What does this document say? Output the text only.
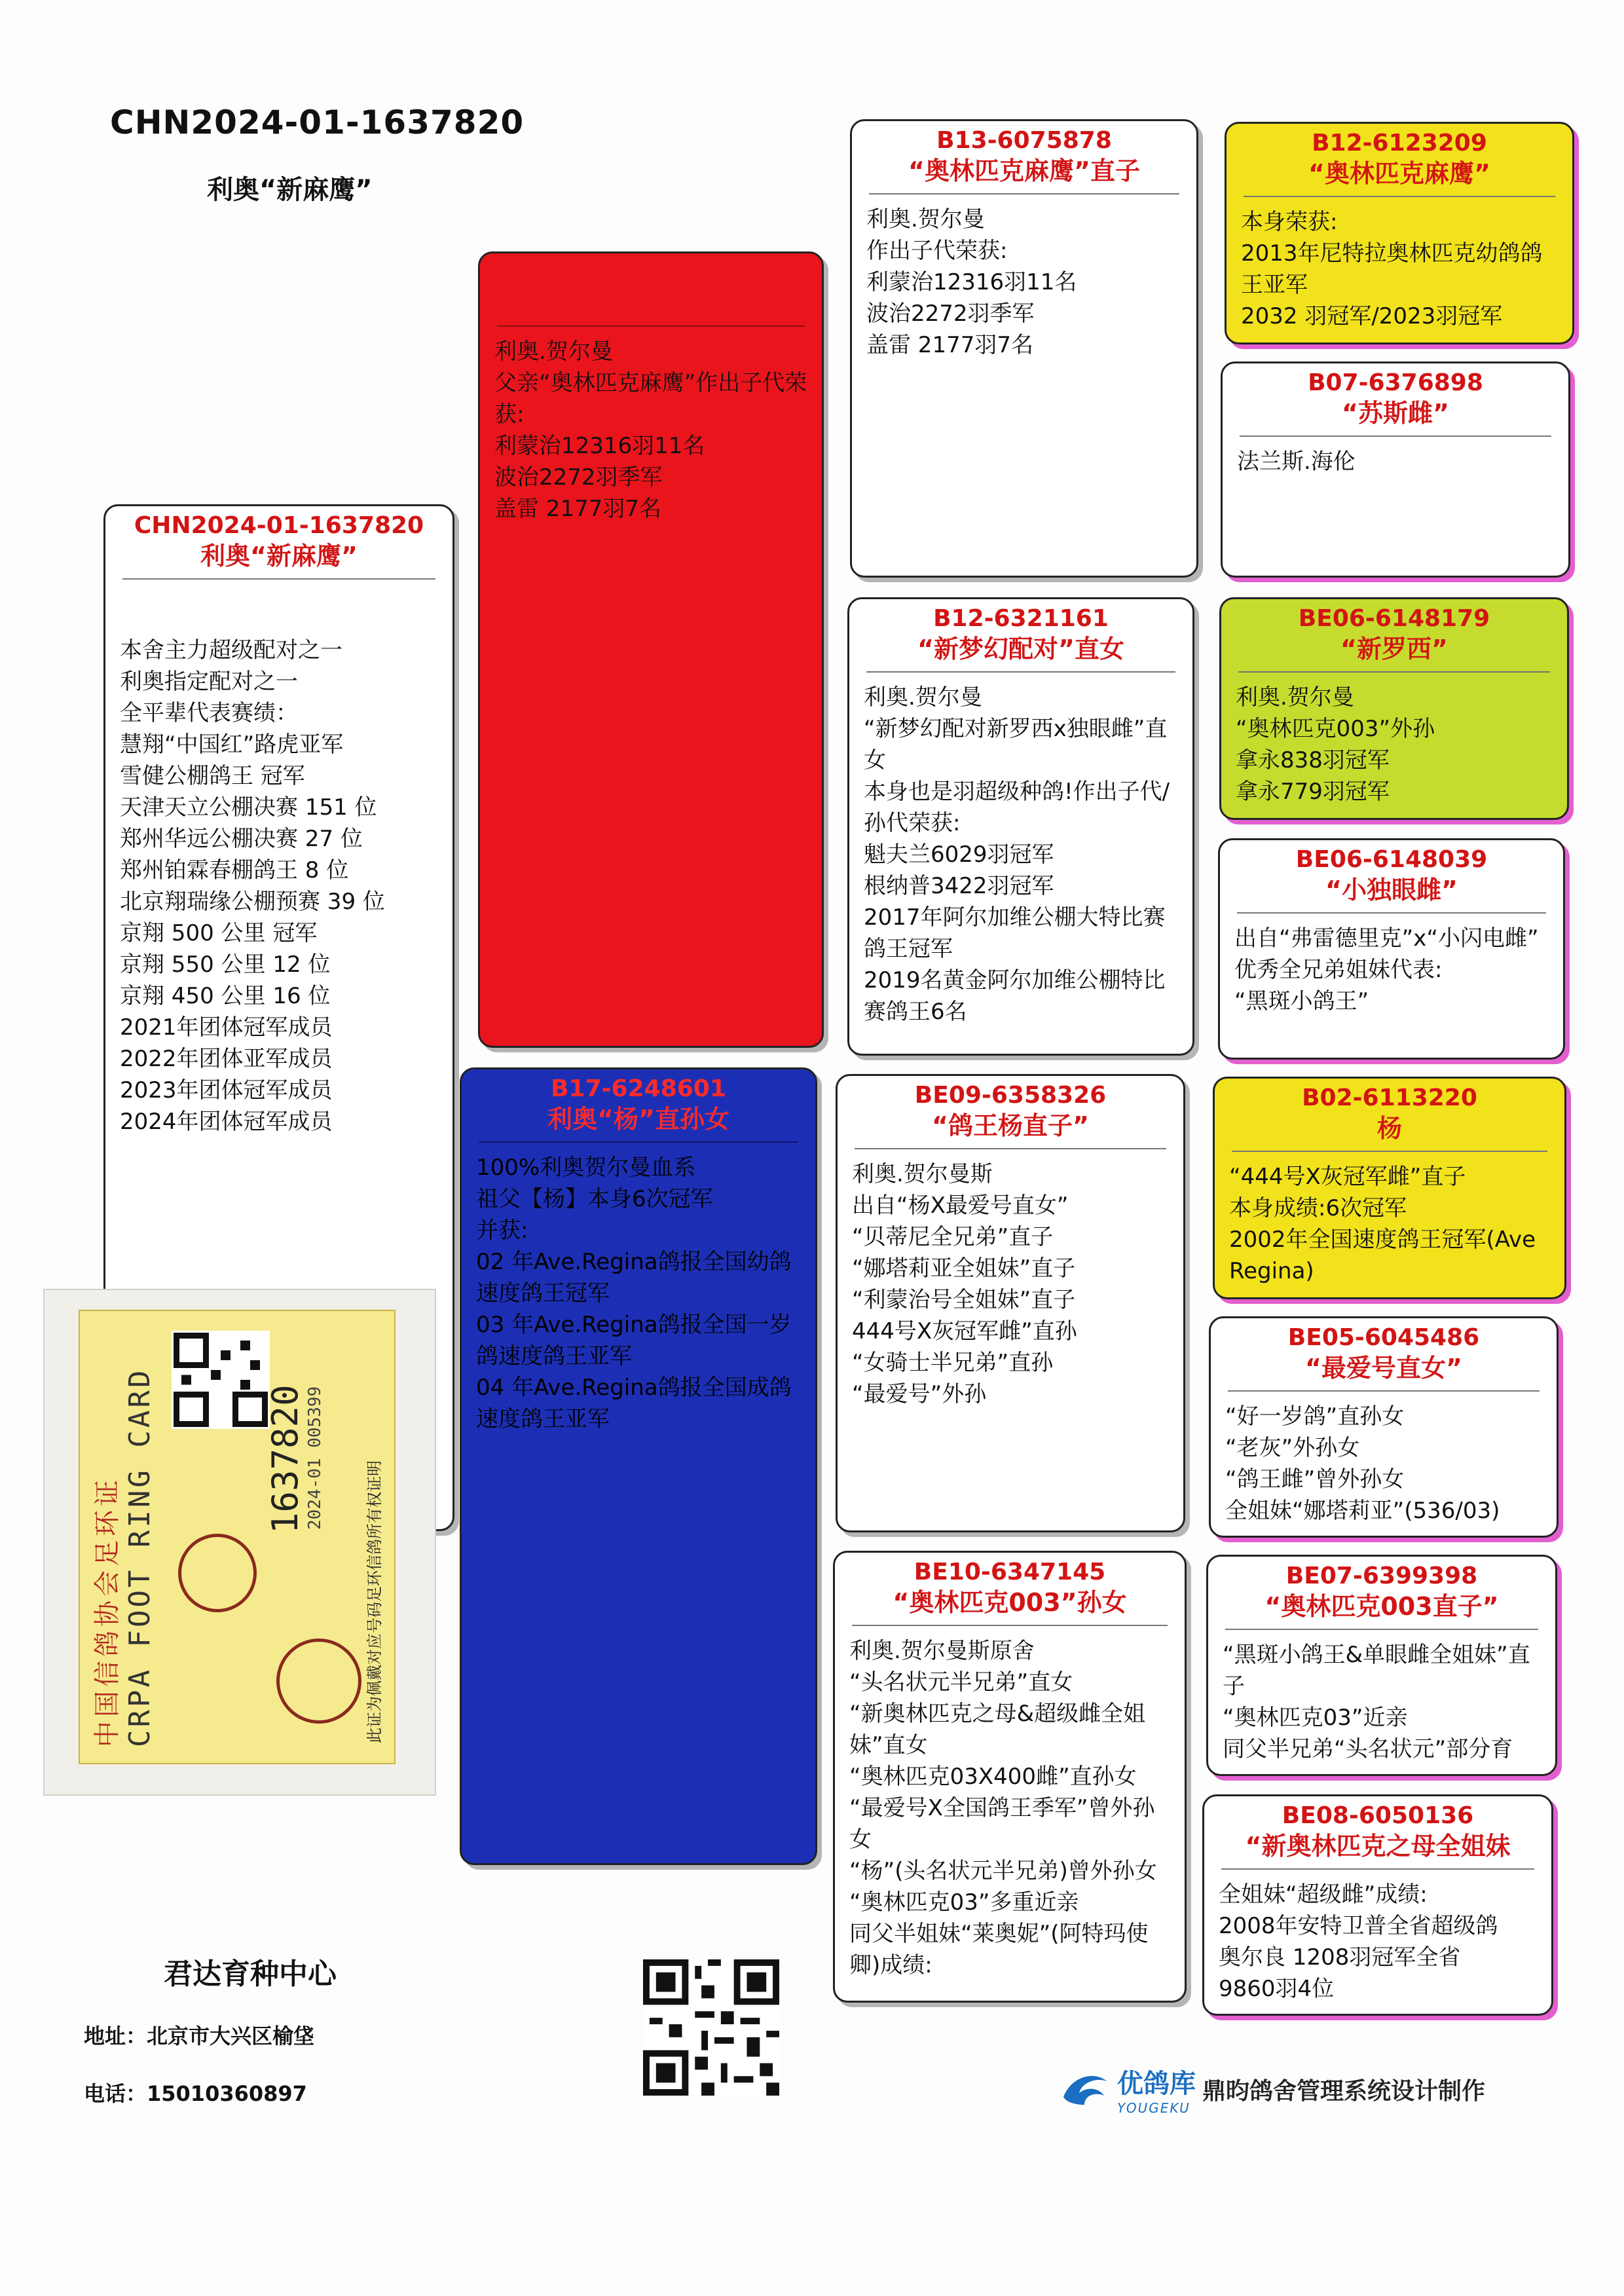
CHN2024-01-1637820
利奥“新麻鹰”
CHN2024-01-1637820
利奥“新麻鹰”
本舍主力超级配对之一
利奥指定配对之一
全平辈代表赛绩：
慧翔“中国红”路虎亚军
雪健公棚鸽王 冠军
天津天立公棚决赛 151 位
郑州华远公棚决赛 27 位
郑州铂霖春棚鸽王 8 位
北京翔瑞缘公棚预赛 39 位
京翔 500 公里 冠军
京翔 550 公里 12 位
京翔 450 公里 16 位
2021年团体冠军成员
2022年团体亚军成员
2023年团体冠军成员
2024年团体冠军成员
利奥.贺尔曼
父亲“奥林匹克麻鹰”作出子代荣获:
利蒙治12316羽11名
波治2272羽季军
盖雷 2177羽7名
B17-6248601
利奥“杨”直孙女
100%利奥贺尔曼血系
祖父【杨】本身6次冠军
并获:
02 年Ave.Regina鸽报全国幼鸽速度鸽王冠军
03 年Ave.Regina鸽报全国一岁鸽速度鸽王亚军
04 年Ave.Regina鸽报全国成鸽速度鸽王亚军
B13-6075878
“奥林匹克麻鹰”直子
利奥.贺尔曼
作出子代荣获:
利蒙治12316羽11名
波治2272羽季军
盖雷 2177羽7名
B12-6321161
“新梦幻配对”直女
利奥.贺尔曼
“新梦幻配对新罗西x独眼雌”直女
本身也是羽超级种鸽!作出子代/孙代荣获:
魁夫兰6029羽冠军
根纳普3422羽冠军
2017年阿尔加维公棚大特比赛鸽王冠军
2019名黄金阿尔加维公棚特比赛鸽王6名
BE09-6358326
“鸽王杨直子”
利奥.贺尔曼斯
出自“杨X最爱号直女”
“贝蒂尼全兄弟”直子
“娜塔莉亚全姐妹”直子
“利蒙治号全姐妹”直子
444号X灰冠军雌”直孙
“女骑士半兄弟”直孙
“最爱号”外孙
BE10-6347145
“奥林匹克003”孙女
利奥.贺尔曼斯原舍
“头名状元半兄弟”直女
“新奥林匹克之母&超级雌全姐妹”直女
“奥林匹克03X400雌”直孙女
“最爱号X全国鸽王季军”曾外孙女
“杨”(头名状元半兄弟)曾外孙女
“奥林匹克03”多重近亲
同父半姐妹“莱奥妮”(阿特玛使卿)成绩:
B12-6123209
“奥林匹克麻鹰”
本身荣获:
2013年尼特拉奥林匹克幼鸽鸽王亚军
2032 羽冠军/2023羽冠军
B07-6376898
“苏斯雌”
法兰斯.海伦
BE06-6148179
“新罗西”
利奥.贺尔曼
“奥林匹克003”外孙
拿永838羽冠军
拿永779羽冠军
BE06-6148039
“小独眼雌”
出自“弗雷德里克”x“小闪电雌”
优秀全兄弟姐妹代表:
“黑斑小鸽王”
B02-6113220
杨
“444号X灰冠军雌”直子
本身成绩:6次冠军
2002年全国速度鸽王冠军(Ave Regina)
BE05-6045486
“最爱号直女”
“好一岁鸽”直孙女
“老灰”外孙女
“鸽王雌”曾外孙女
全姐妹“娜塔莉亚”(536/03)
BE07-6399398
“奥林匹克003直子”
“黑斑小鸽王&单眼雌全姐妹”直子
“奥林匹克03”近亲
同父半兄弟“头名状元”部分育
BE08-6050136
“新奥林匹克之母全姐妹
全姐妹“超级雌”成绩:
2008年安特卫普全省超级鸽
奥尔良 1208羽冠军全省
9860羽4位
中国信鸽协会足环证 CRPA FOOT RING CARD	1637820 2024-01 005399
此证为佩戴对应号码足环信鸽所有权证明
君达育种中心
地址：北京市大兴区榆垡
电话：15010360897	优鸽库
YOUGEKU
鼎昀鸽舍管理系统设计制作
